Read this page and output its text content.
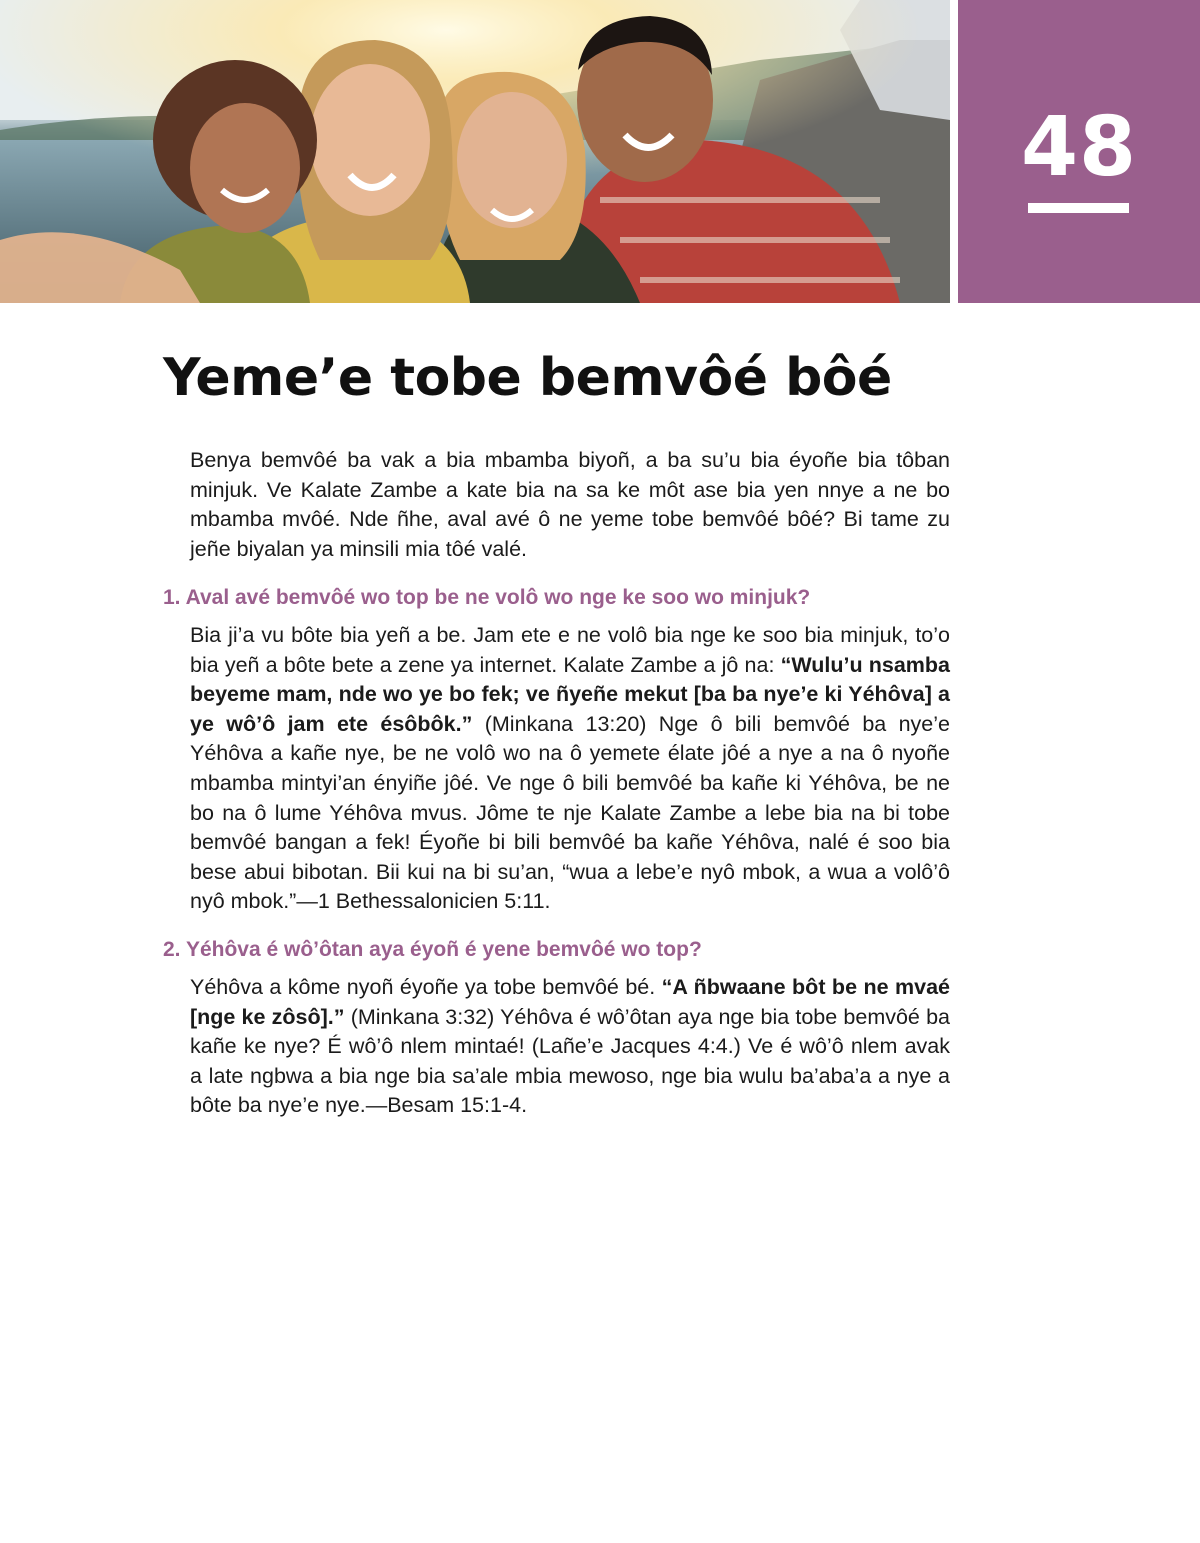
48
Yeme’e tobe bemvôé bôé

Benya bemvôé ba vak a bia mbamba biyoñ, a ba su’u bia éyoñe bia tôban minjuk. Ve Kalate Zambe a kate bia na sa ke môt ase bia yen nnye a ne bo mbamba mvôé. Nde ñhe, aval avé ô ne yeme tobe bemvôé bôé? Bi tame zu jeñe biyalan ya minsili mia tôé valé.

1. Aval avé bemvôé wo top be ne volô wo nge ke soo wo minjuk?

Bia ji’a vu bôte bia yeñ a be. Jam ete e ne volô bia nge ke soo bia minjuk, to’o bia yeñ a bôte bete a zene ya internet. Kalate Zambe a jô na: “Wulu’u nsamba beyeme mam, nde wo ye bo fek; ve ñyeñe mekut [ba ba nye’e ki Yéhôva] a ye wô’ô jam ete ésôbôk.” (Minkana 13:20) Nge ô bili bemvôé ba nye’e Yéhôva a kañe nye, be ne volô wo na ô yemete élate jôé a nye a na ô nyoñe mbamba mintyi’an ényiñe jôé. Ve nge ô bili bemvôé ba kañe ki Yéhôva, be ne bo na ô lume Yéhôva mvus. Jôme te nje Kalate Zambe a lebe bia na bi tobe bemvôé bangan a fek! Éyoñe bi bili bemvôé ba kañe Yéhôva, nalé é soo bia bese abui bibotan. Bii kui na bi su’an, “wua a lebe’e nyô mbok, a wua a volô’ô nyô mbok.”—1 Bethessalonicien 5:11.

2. Yéhôva é wô’ôtan aya éyoñ é yene bemvôé wo top?

Yéhôva a kôme nyoñ éyoñe ya tobe bemvôé bé. “A ñbwaane bôt be ne mvaé [nge ke zôsô].” (Minkana 3:32) Yéhôva é wô’ôtan aya nge bia tobe bemvôé ba kañe ke nye? É wô’ô nlem mintaé! (Lañe’e Jacques 4:4.) Ve é wô’ô nlem avak a late ngbwa a bia nge bia sa’ale mbia mewoso, nge bia wulu ba’aba’a a nye a bôte ba nye’e nye.—Besam 15:1-4.
